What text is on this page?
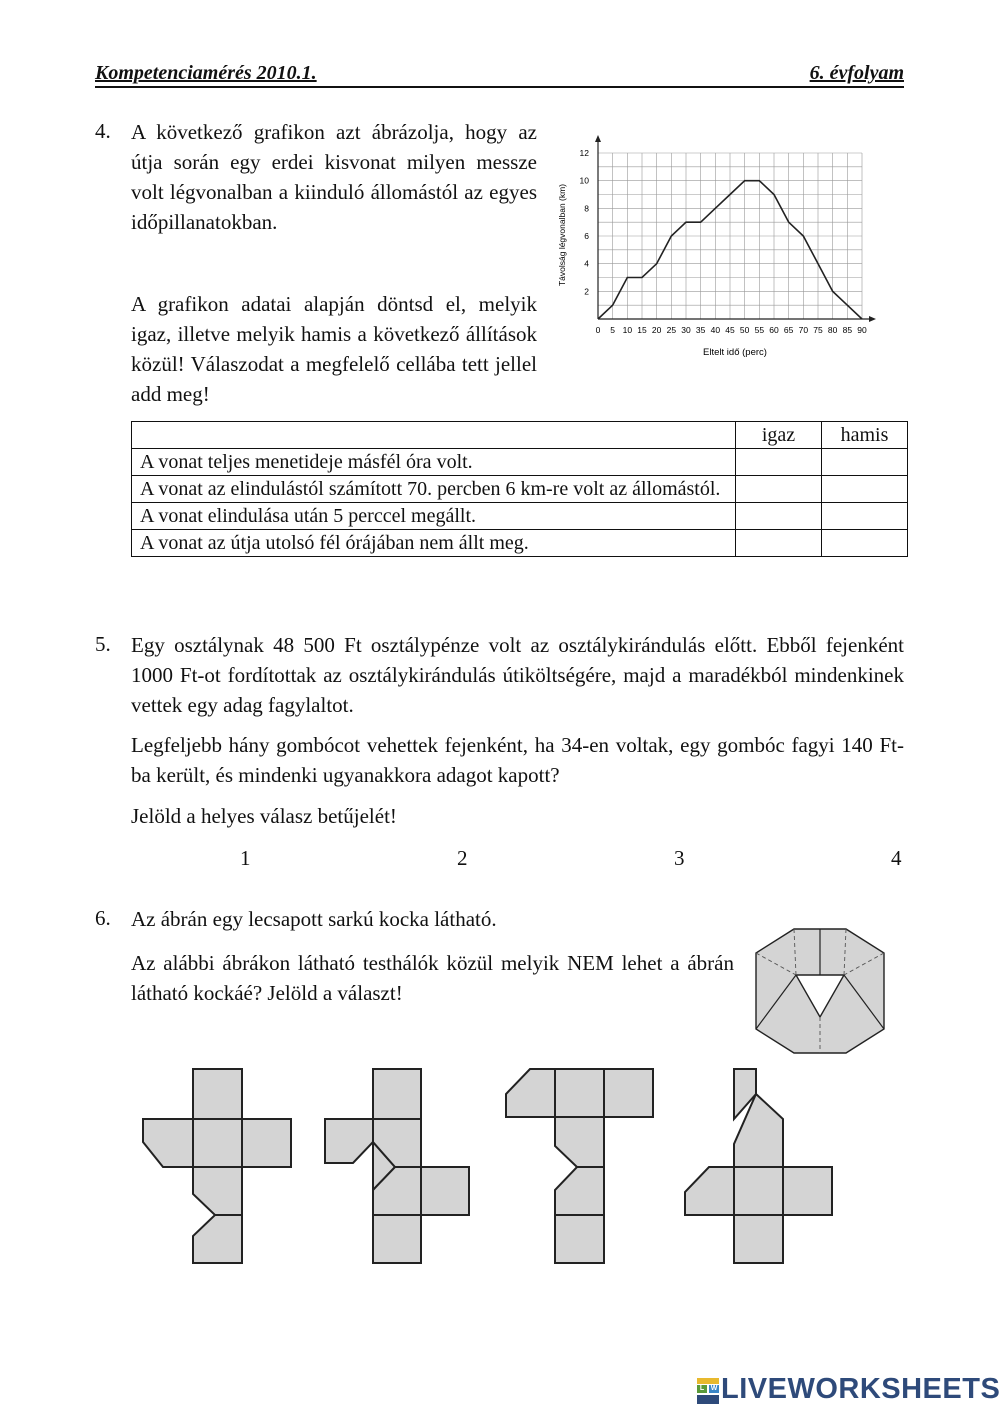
Kompetenciamérés 2010.1.	6. évfolyam
4. A következő grafikon azt ábrázolja, hogy az útja során egy erdei kisvonat milyen messze volt légvonalban a kiinduló állomástól az egyes időpillanatokban.
A grafikon adatai alapján döntsd el, melyik igaz, illetve melyik hamis a következő állítások közül! Válaszodat a megfelelő cellába tett jellel add meg!
2
4
6
8
10
12
0 5 10 15 20 25 30 35 40 45 50 55 60 65 70 75 80 85 90
Távolság légvonalban (km)
Eltelt idő (perc)
	igaz	hamis
A vonat teljes menetideje másfél óra volt.		
A vonat az elindulástól számított 70. percben 6 km-re volt az állomástól.		
A vonat elindulása után 5 perccel megállt.		
A vonat az útja utolsó fél órájában nem állt meg.		
5. Egy osztálynak 48 500 Ft osztálypénze volt az osztálykirándulás előtt. Ebből fejenként 1000 Ft-ot fordítottak az osztálykirándulás útiköltségére, majd a maradékból mindenkinek vettek egy adag fagylaltot.
Legfeljebb hány gombócot vehettek fejenként, ha 34-en voltak, egy gombóc fagyi 140 Ft-ba került, és mindenki ugyanakkora adagot kapott?
Jelöld a helyes válasz betűjelét!
1	2	3	4
6. Az ábrán egy lecsapott sarkú kocka látható.
Az alábbi ábrákon látható testhálók közül melyik NEM lehet a ábrán látható kockáé? Jelöld a választ!
L W LIVEWORKSHEETS
